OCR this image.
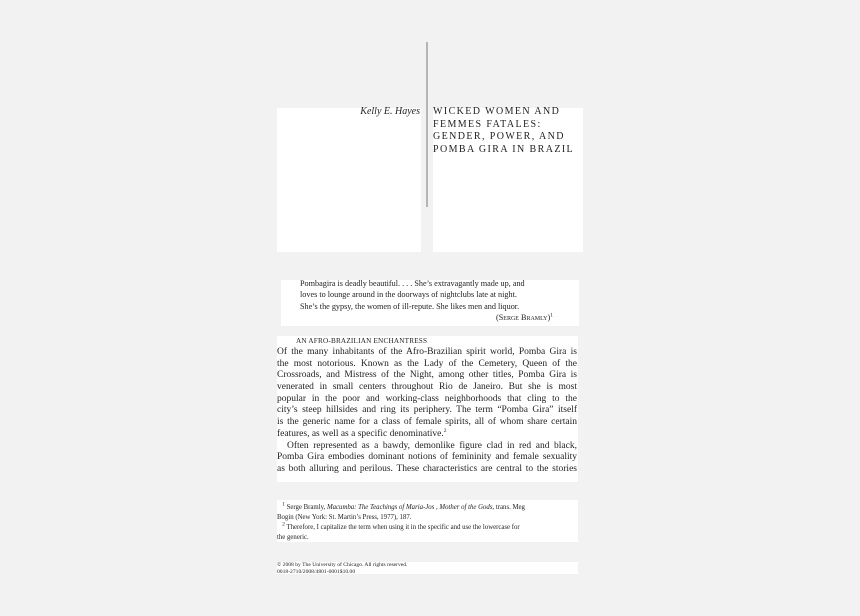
Kelly E. Hayes WICKED WOMEN AND
FEMMES FATALES:
GENDER, POWER, AND
POMBA GIRA IN BRAZIL
Pombagira is deadly beautiful. . . . She’s extravagantly made up, and
loves to lounge around in the doorways of nightclubs late at night.
She’s the gypsy, the women of ill-repute. She likes men and liquor.
(Serge Bramly)$^1$
AN AFRO-BRAZILIAN ENCHANTRESS
Of the many inhabitants of the Afro-Brazilian spirit world, Pomba Gira is
the most notorious. Known as the Lady of the Cemetery, Queen of the
Crossroads, and Mistress of the Night, among other titles, Pomba Gira is
venerated in small centers throughout Rio de Janeiro. But she is most
popular in the poor and working-class neighborhoods that cling to the
city’s steep hillsides and ring its periphery. The term “Pomba Gira” itself
is the generic name for a class of female spirits, all of whom share certain
features, as well as a specific denominative.$^2$
Often represented as a bawdy, demonlike figure clad in red and black,
Pomba Gira embodies dominant notions of femininity and female sexuality
as both alluring and perilous. These characteristics are central to the stories
$^1$ Serge Bramly, Macumba: The Teachings of Maria-Jos , Mother of the Gods, trans. Meg
Bogin (New York: St. Martin’s Press, 1977), 187.
$^2$ Therefore, I capitalize the term when using it in the specific and use the lowercase for
the generic.
© 2008 by The University of Chicago. All rights reserved.
0018-2710/2008/4801-0001$10.00
